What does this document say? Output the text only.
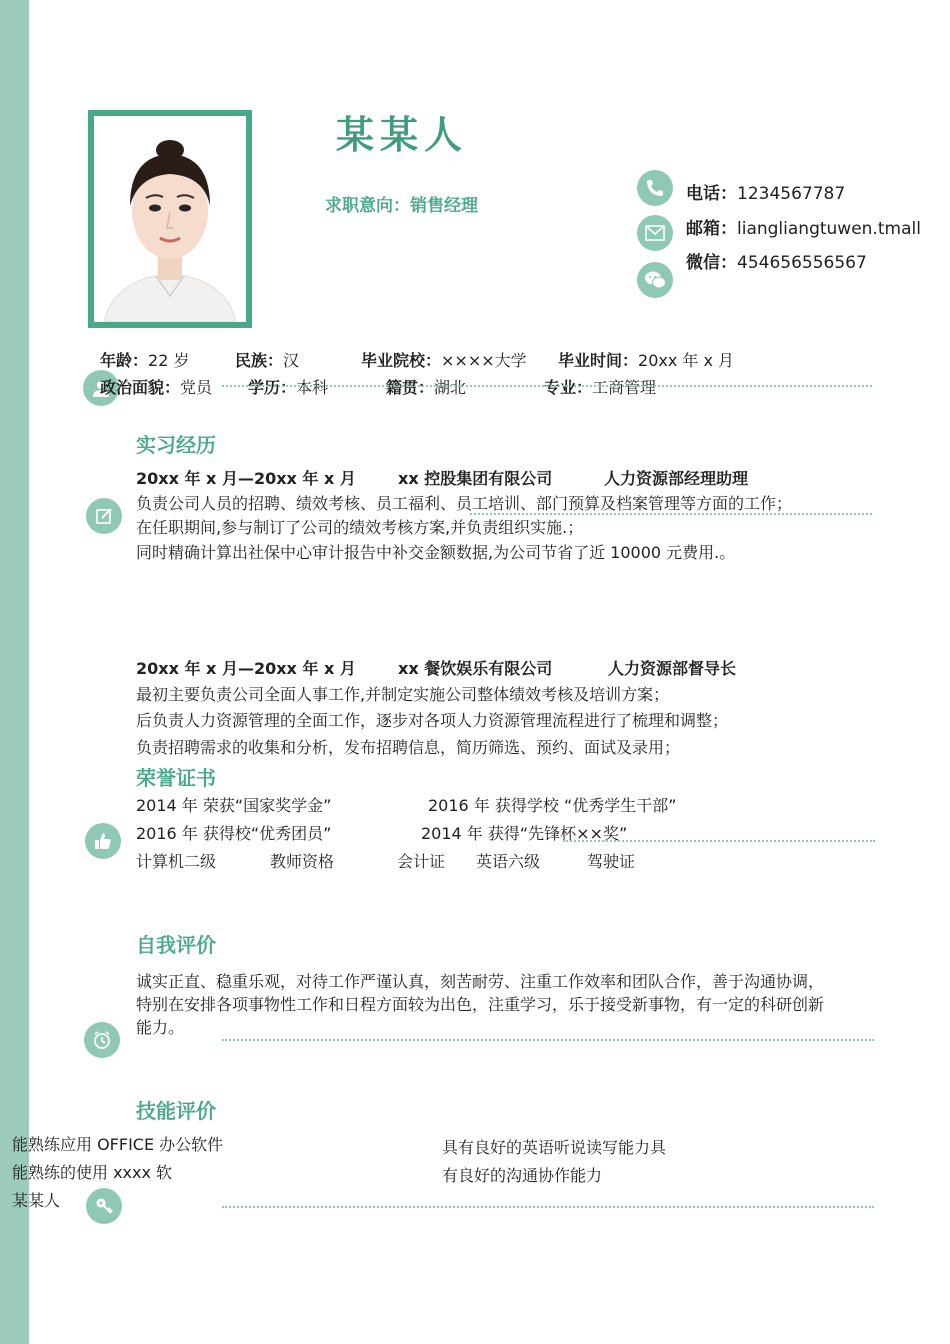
某某人
求职意向：销售经理
电话：1234567787
邮箱：liangliangtuwen.tmall
微信：454656556567
年龄：22 岁	民族：汉	毕业院校：××××大学 毕业时间：20xx 年 x 月
政治面貌：党员 学历：本科	籍贯：湖北	专业：工商管理
实习经历
20xx 年 x 月—20xx 年 x 月	xx 控股集团有限公司	人力资源部经理助理
负责公司人员的招聘、绩效考核、员工福利、员工培训、部门预算及档案管理等方面的工作；
在任职期间,参与制订了公司的绩效考核方案,并负责组织实施.；
同时精确计算出社保中心审计报告中补交金额数据,为公司节省了近 10000 元费用.。
20xx 年 x 月—20xx 年 x 月	xx 餐饮娱乐有限公司	人力资源部督导长
最初主要负责公司全面人事工作,并制定实施公司整体绩效考核及培训方案；
后负责人力资源管理的全面工作，逐步对各项人力资源管理流程进行了梳理和调整；
负责招聘需求的收集和分析，发布招聘信息，简历筛选、预约、面试及录用；
荣誉证书
2014 年 荣获“国家奖学金”	2016 年 获得学校 “优秀学生干部”
2016 年 获得校“优秀团员”	2014 年 获得“先锋杯××奖”
计算机二级	教师资格	会计证 英语六级	驾驶证
自我评价
诚实正直、稳重乐观，对待工作严谨认真，刻苦耐劳、注重工作效率和团队合作，善于沟通协调，特别在安排各项事物性工作和日程方面较为出色，注重学习，乐于接受新事物，有一定的科研创新能力。
技能评价
能熟练应用 OFFICE 办公软件
能熟练的使用 xxxx 软
某某人
具有良好的英语听说读写能力具
有良好的沟通协作能力
